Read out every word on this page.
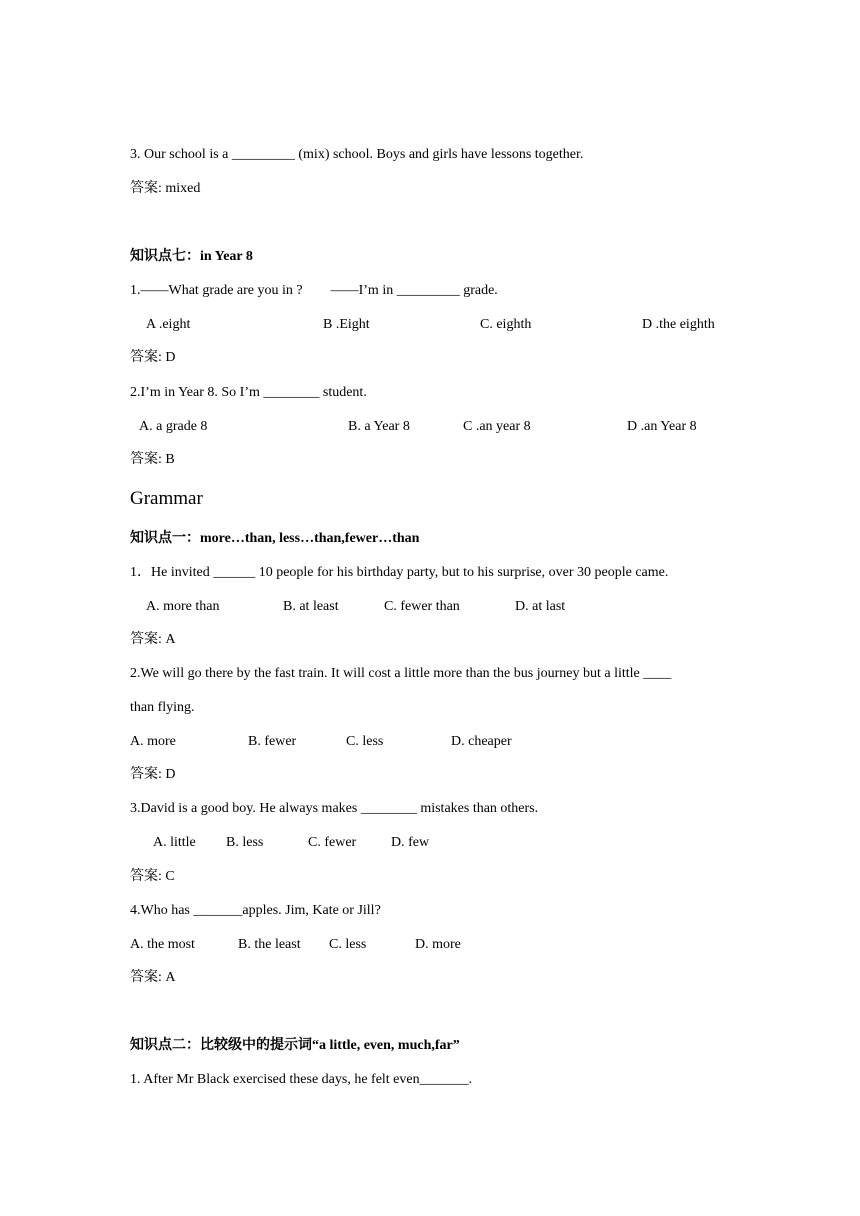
3. Our school is a _________ (mix) school. Boys and girls have lessons together.
答案: mixed
知识点七：in Year 8
1.——What grade are you in ?        ——I’m in _________ grade.
A .eight	B .Eight	C. eighth	D .the eighth
答案: D
2.I’m in Year 8. So I’m ________ student.
A. a grade 8	B. a Year 8	C .an year 8	D .an Year 8
答案: B
Grammar
知识点一：more…than, less…than,fewer…than
1．He invited ______ 10 people for his birthday party, but to his surprise, over 30 people came.
A. more than	B. at least	C. fewer than	D. at last
答案: A
2.We will go there by the fast train. It will cost a little more than the bus journey but a little ____
than flying.
A. more	B. fewer	C. less	D. cheaper
答案: D
3.David is a good boy. He always makes ________ mistakes than others.
A. little B. less	C. fewer D. few
答案: C
4.Who has _______apples. Jim, Kate or Jill?
A. the most	B. the least C. less	D. more
答案: A
知识点二：比较级中的提示词“a little, even, much,far”
1. After Mr Black exercised these days, he felt even_______.
